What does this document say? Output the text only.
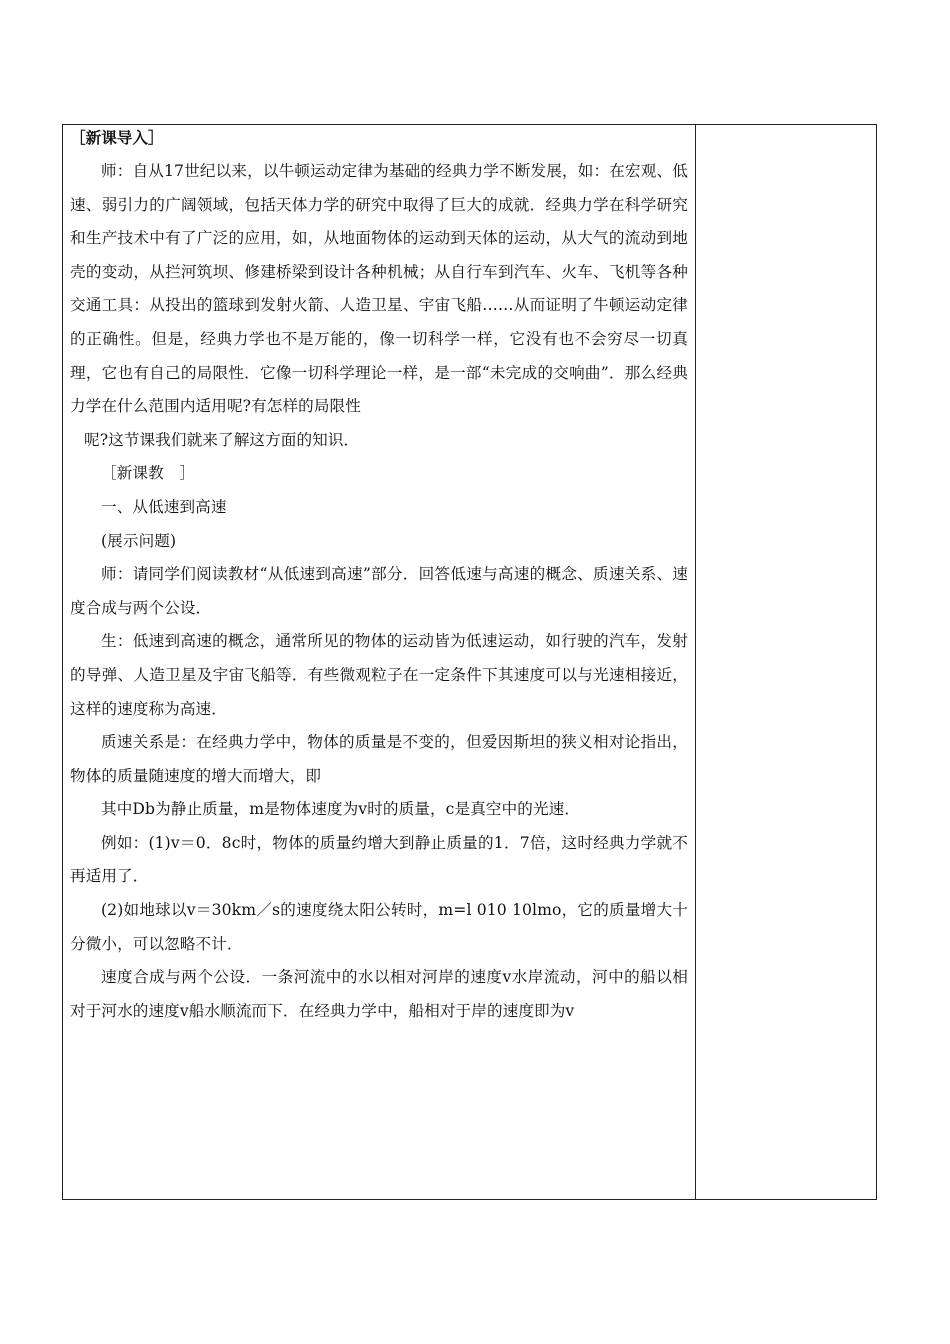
［新课导入］

师：自从17世纪以来，以牛顿运动定律为基础的经典力学不断发展，如：在宏观、低速、弱引力的广阔领域，包括天体力学的研究中取得了巨大的成就．经典力学在科学研究和生产技术中有了广泛的应用，如，从地面物体的运动到天体的运动，从大气的流动到地壳的变动，从拦河筑坝、修建桥梁到设计各种机械；从自行车到汽车、火车、飞机等各种交通工具：从投出的篮球到发射火箭、人造卫星、宇宙飞船……从而证明了牛顿运动定律的正确性。但是，经典力学也不是万能的，像一切科学一样，它没有也不会穷尽一切真理，它也有自己的局限性．它像一切科学理论一样，是一部“未完成的交响曲”．那么经典力学在什么范围内适用呢?有怎样的局限性

呢?这节课我们就来了解这方面的知识．

［新课教　］

一、从低速到高速

(展示问题)

师：请同学们阅读教材“从低速到高速”部分．回答低速与高速的概念、质速关系、速度合成与两个公设．

生：低速到高速的概念，通常所见的物体的运动皆为低速运动，如行驶的汽车，发射的导弹、人造卫星及宇宙飞船等．有些微观粒子在一定条件下其速度可以与光速相接近，这样的速度称为高速．

质速关系是：在经典力学中，物体的质量是不变的，但爱因斯坦的狭义相对论指出，物体的质量随速度的增大而增大，即

其中Db为静止质量，m是物体速度为v时的质量，c是真空中的光速．

例如：(1)v＝0．8c时，物体的质量约增大到静止质量的1．7倍，这时经典力学就不再适用了．

(2)如地球以v＝30km／s的速度绕太阳公转时，m=l 010 10lmo，它的质量增大十分微小，可以忽略不计．

速度合成与两个公设．一条河流中的水以相对河岸的速度v水岸流动，河中的船以相对于河水的速度v船水顺流而下．在经典力学中，船相对于岸的速度即为v
